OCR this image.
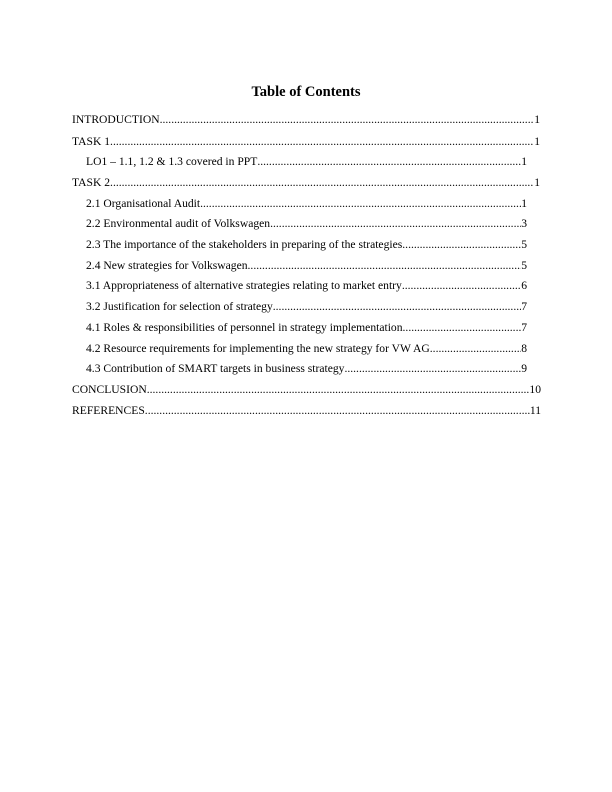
Table of Contents
INTRODUCTION .....	1
TASK 1 .....	1
LO1 – 1.1, 1.2 & 1.3 covered in PPT .....	1
TASK 2 .....	1
2.1 Organisational Audit .....	1
2.2 Environmental audit of Volkswagen .....	3
2.3 The importance of the stakeholders in preparing of the strategies .....	5
2.4 New strategies for Volkswagen .....	5
3.1 Appropriateness of alternative strategies relating to market entry .....	6
3.2 Justification for selection of strategy .....	7
4.1 Roles & responsibilities of personnel in strategy implementation .....	7
4.2 Resource requirements for implementing the new strategy for VW AG .....	8
4.3 Contribution of SMART targets in business strategy .....	9
CONCLUSION .....	10
REFERENCES .....	11
